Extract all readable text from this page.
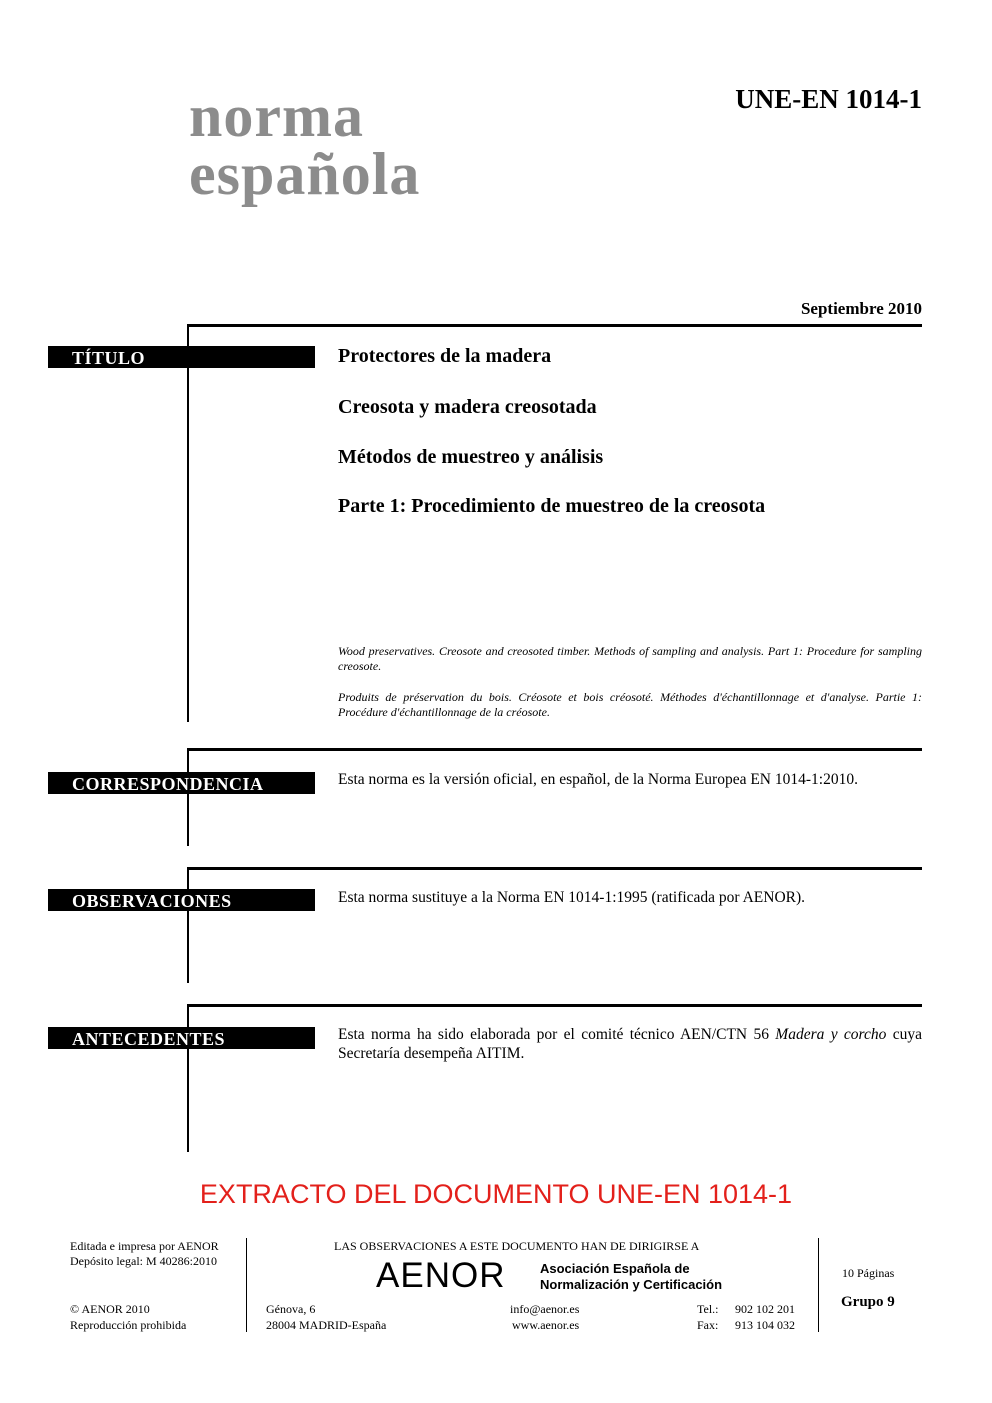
norma
española
UNE-EN 1014-1
Septiembre 2010
TÍTULO	Protectores de la madera
Creosota y madera creosotada
Métodos de muestreo y análisis
Parte 1: Procedimiento de muestreo de la creosota
Wood preservatives. Creosote and creosoted timber. Methods of sampling and analysis. Part 1: Procedure for sampling creosote.
Produits de préservation du bois. Créosote et bois créosoté. Méthodes d'échantillonnage et d'analyse. Partie 1: Procédure d'échantillonnage de la créosote.
CORRESPONDENCIA	Esta norma es la versión oficial, en español, de la Norma Europea EN 1014-1:2010.
OBSERVACIONES	Esta norma sustituye a la Norma EN 1014-1:1995 (ratificada por AENOR).
ANTECEDENTES	Esta norma ha sido elaborada por el comité técnico AEN/CTN 56 Madera y corcho cuya Secretaría desempeña AITIM.
EXTRACTO DEL DOCUMENTO UNE-EN 1014-1
Editada e impresa por AENOR
Depósito legal: M 40286:2010
© AENOR 2010
Reproducción prohibida
LAS OBSERVACIONES A ESTE DOCUMENTO HAN DE DIRIGIRSE A
AENOR	Asociación Española de
Normalización y Certificación
Génova, 6
28004 MADRID-España
info@aenor.es
www.aenor.es
Tel.: 902 102 201
Fax: 913 104 032
10 Páginas
Grupo 9
